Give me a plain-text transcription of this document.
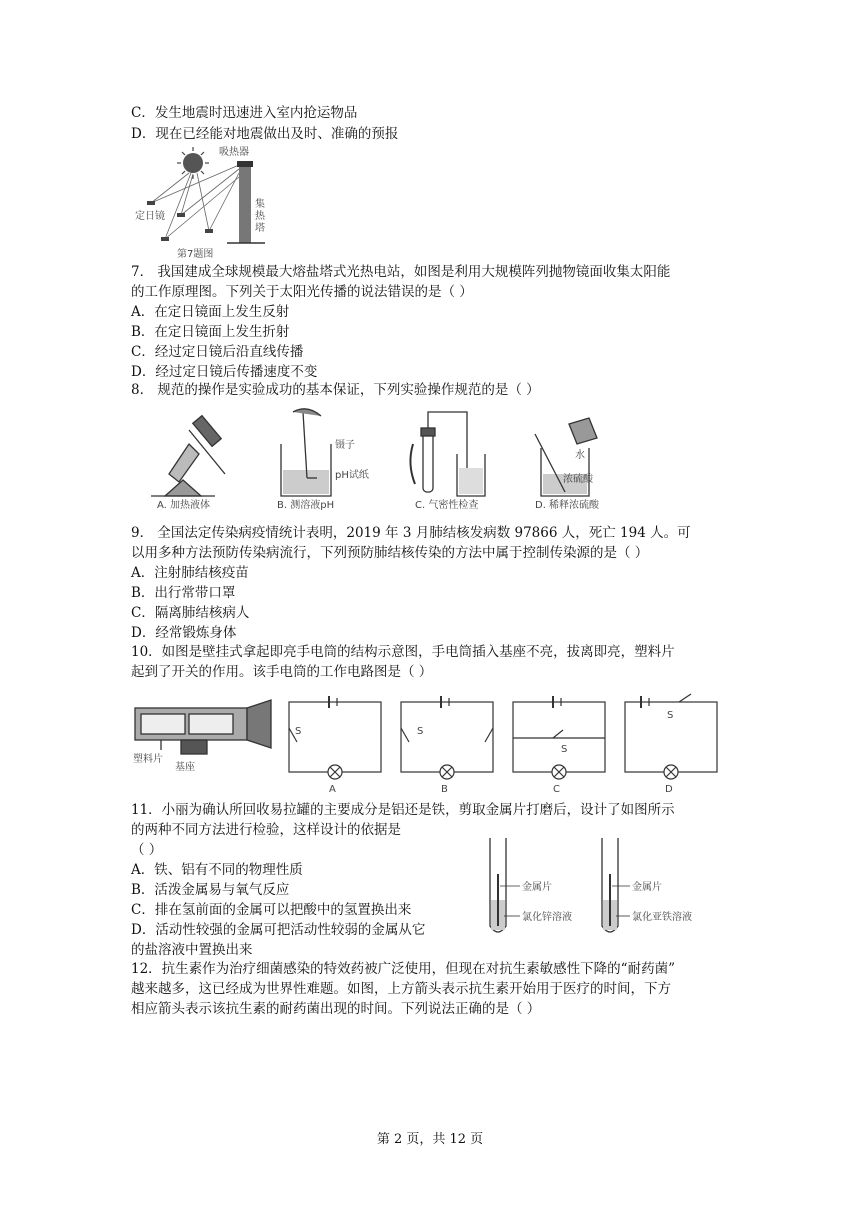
C．发生地震时迅速进入室内抢运物品
D．现在已经能对地震做出及时、准确的预报
吸热器
定日镜
集
热
塔
第7题图
7． 我国建成全球规模最大熔盐塔式光热电站，如图是利用大规模阵列抛物镜面收集太阳能
的工作原理图。下列关于太阳光传播的说法错误的是（ ）
A．在定日镜面上发生反射
B．在定日镜面上发生折射
C．经过定日镜后沿直线传播
D．经过定日镜后传播速度不变
8． 规范的操作是实验成功的基本保证，下列实验操作规范的是（ ）
A. 加热液体
镊子
pH试纸
B. 测溶液pH	C. 气密性检查
水
浓硫酸
D. 稀释浓硫酸
9． 全国法定传染病疫情统计表明，2019 年 3 月肺结核发病数 97866 人，死亡 194 人。可
以用多种方法预防传染病流行，下列预防肺结核传染的方法中属于控制传染源的是（ ）
A．注射肺结核疫苗
B．出行常带口罩
C．隔离肺结核病人
D．经常锻炼身体
10．如图是壁挂式拿起即亮手电筒的结构示意图，手电筒插入基座不亮，拔离即亮，塑料片
起到了开关的作用。该手电筒的工作电路图是（ ）
塑料片
基座
S
A
S
B
S
C
S
D
11．小丽为确认所回收易拉罐的主要成分是铝还是铁，剪取金属片打磨后，设计了如图所示
的两种不同方法进行检验，这样设计的依据是
（ ）
A．铁、铝有不同的物理性质
B．活泼金属易与氧气反应
C．排在氢前面的金属可以把酸中的氢置换出来
D．活动性较强的金属可把活动性较弱的金属从它
的盐溶液中置换出来
金属片
氯化锌溶液
金属片
氯化亚铁溶液
12．抗生素作为治疗细菌感染的特效药被广泛使用，但现在对抗生素敏感性下降的“耐药菌”
越来越多，这已经成为世界性难题。如图，上方箭头表示抗生素开始用于医疗的时间，下方
相应箭头表示该抗生素的耐药菌出现的时间。下列说法正确的是（ ）
第 2 页，共 12 页
